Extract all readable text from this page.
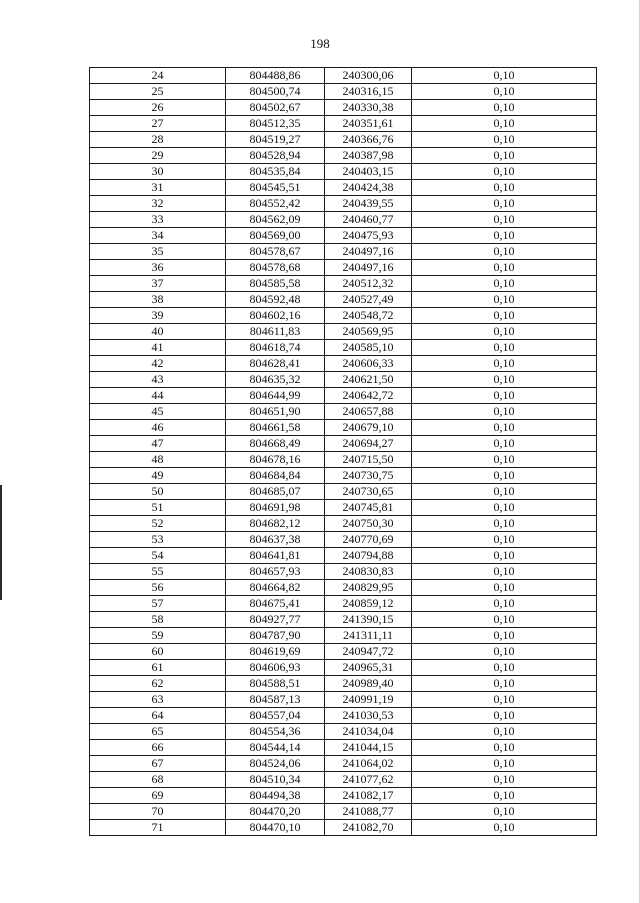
198
24	804488,86	240300,06	0,10
25	804500,74	240316,15	0,10
26	804502,67	240330,38	0,10
27	804512,35	240351,61	0,10
28	804519,27	240366,76	0,10
29	804528,94	240387,98	0,10
30	804535,84	240403,15	0,10
31	804545,51	240424,38	0,10
32	804552,42	240439,55	0,10
33	804562,09	240460,77	0,10
34	804569,00	240475,93	0,10
35	804578,67	240497,16	0,10
36	804578,68	240497,16	0,10
37	804585,58	240512,32	0,10
38	804592,48	240527,49	0,10
39	804602,16	240548,72	0,10
40	804611,83	240569,95	0,10
41	804618,74	240585,10	0,10
42	804628,41	240606,33	0,10
43	804635,32	240621,50	0,10
44	804644,99	240642,72	0,10
45	804651,90	240657,88	0,10
46	804661,58	240679,10	0,10
47	804668,49	240694,27	0,10
48	804678,16	240715,50	0,10
49	804684,84	240730,75	0,10
50	804685,07	240730,65	0,10
51	804691,98	240745,81	0,10
52	804682,12	240750,30	0,10
53	804637,38	240770,69	0,10
54	804641,81	240794,88	0,10
55	804657,93	240830,83	0,10
56	804664,82	240829,95	0,10
57	804675,41	240859,12	0,10
58	804927,77	241390,15	0,10
59	804787,90	241311,11	0,10
60	804619,69	240947,72	0,10
61	804606,93	240965,31	0,10
62	804588,51	240989,40	0,10
63	804587,13	240991,19	0,10
64	804557,04	241030,53	0,10
65	804554,36	241034,04	0,10
66	804544,14	241044,15	0,10
67	804524,06	241064,02	0,10
68	804510,34	241077,62	0,10
69	804494,38	241082,17	0,10
70	804470,20	241088,77	0,10
71	804470,10	241082,70	0,10
